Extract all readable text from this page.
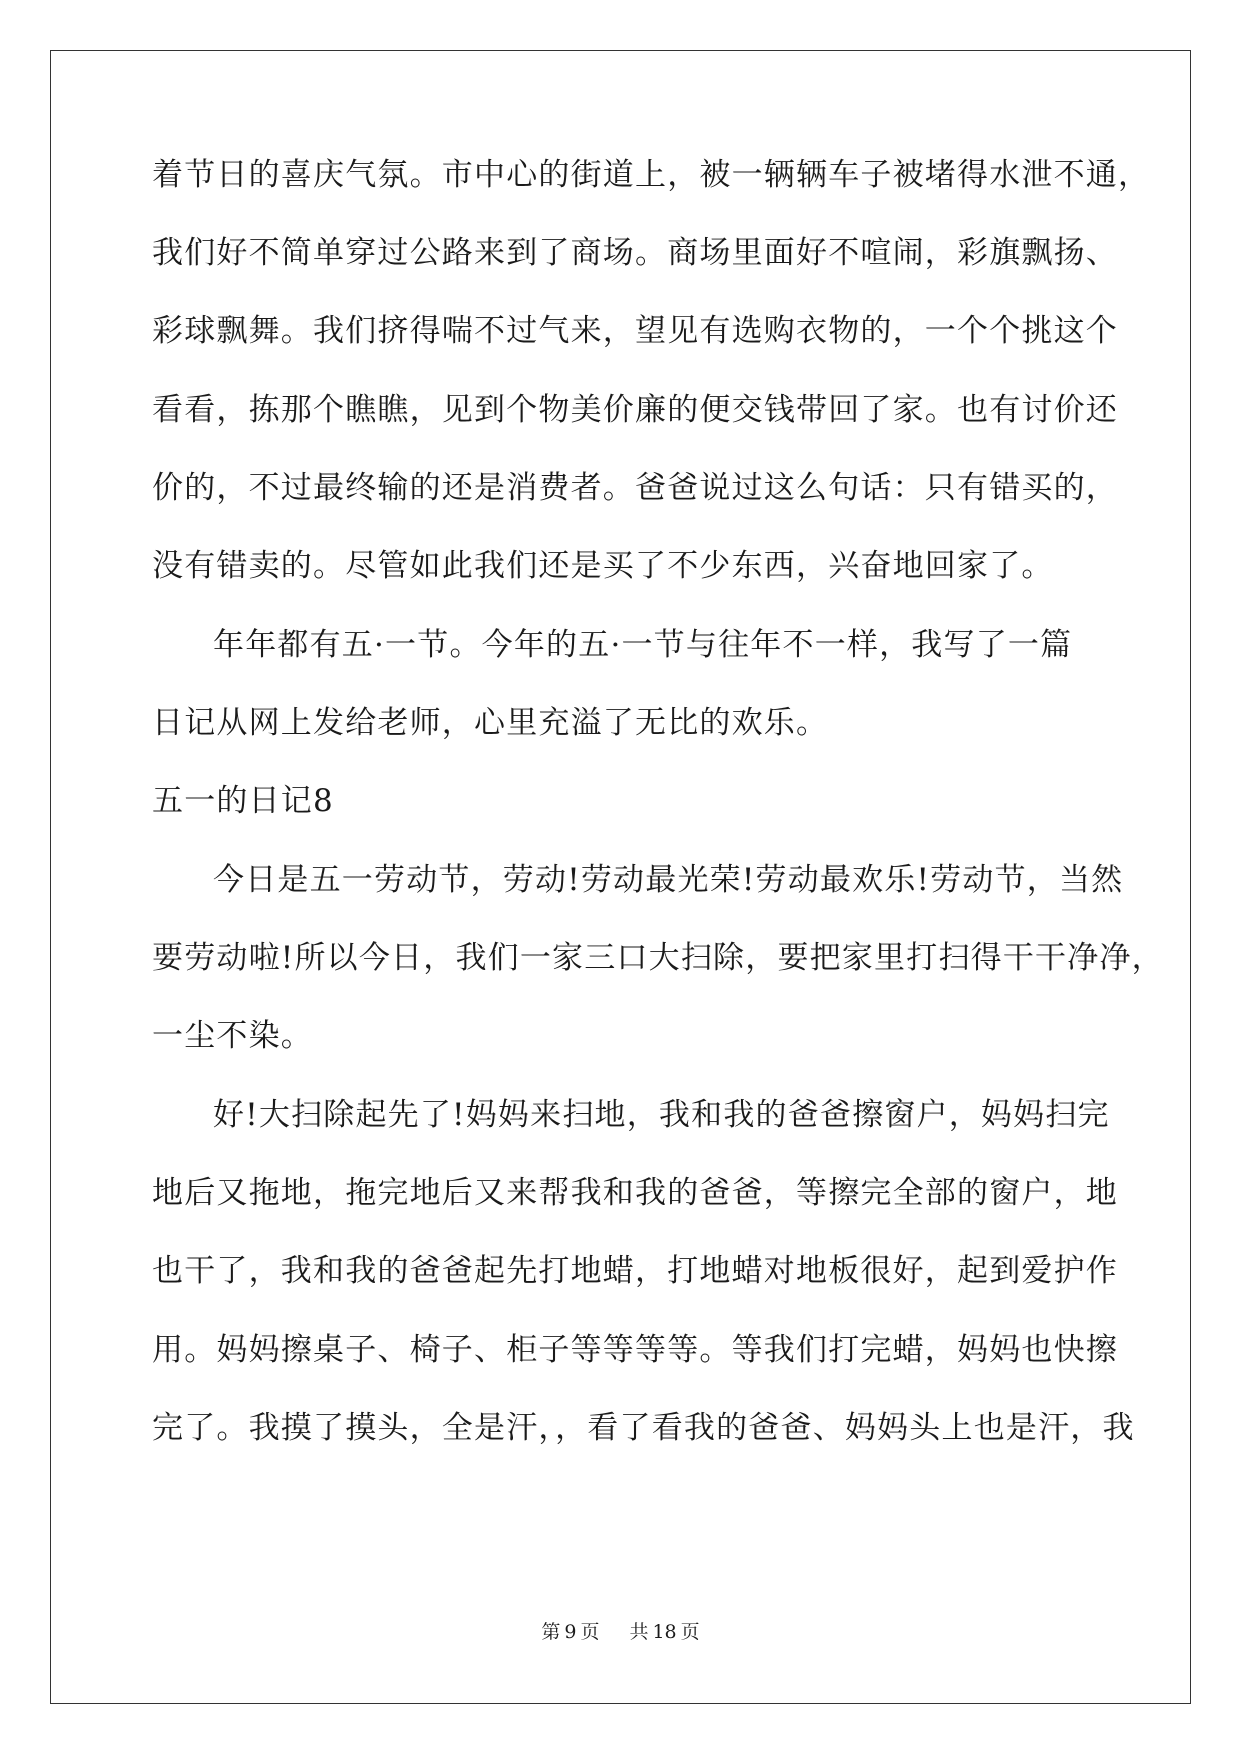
着节日的喜庆气氛。市中心的街道上，被一辆辆车子被堵得水泄不通，
我们好不简单穿过公路来到了商场。商场里面好不喧闹，彩旗飘扬、
彩球飘舞。我们挤得喘不过气来，望见有选购衣物的，一个个挑这个
看看，拣那个瞧瞧，见到个物美价廉的便交钱带回了家。也有讨价还
价的，不过最终输的还是消费者。爸爸说过这么句话：只有错买的，
没有错卖的。尽管如此我们还是买了不少东西，兴奋地回家了。
年年都有五·一节。今年的五·一节与往年不一样，我写了一篇
日记从网上发给老师，心里充溢了无比的欢乐。
五一的日记8
今日是五一劳动节，劳动!劳动最光荣!劳动最欢乐!劳动节，当然
要劳动啦!所以今日，我们一家三口大扫除，要把家里打扫得干干净净，
一尘不染。
好!大扫除起先了!妈妈来扫地，我和我的爸爸擦窗户，妈妈扫完
地后又拖地，拖完地后又来帮我和我的爸爸，等擦完全部的窗户，地
也干了，我和我的爸爸起先打地蜡，打地蜡对地板很好，起到爱护作
用。妈妈擦桌子、椅子、柜子等等等等。等我们打完蜡，妈妈也快擦
完了。我摸了摸头，全是汗，，看了看我的爸爸、妈妈头上也是汗，我
第 9 页 共 18 页
